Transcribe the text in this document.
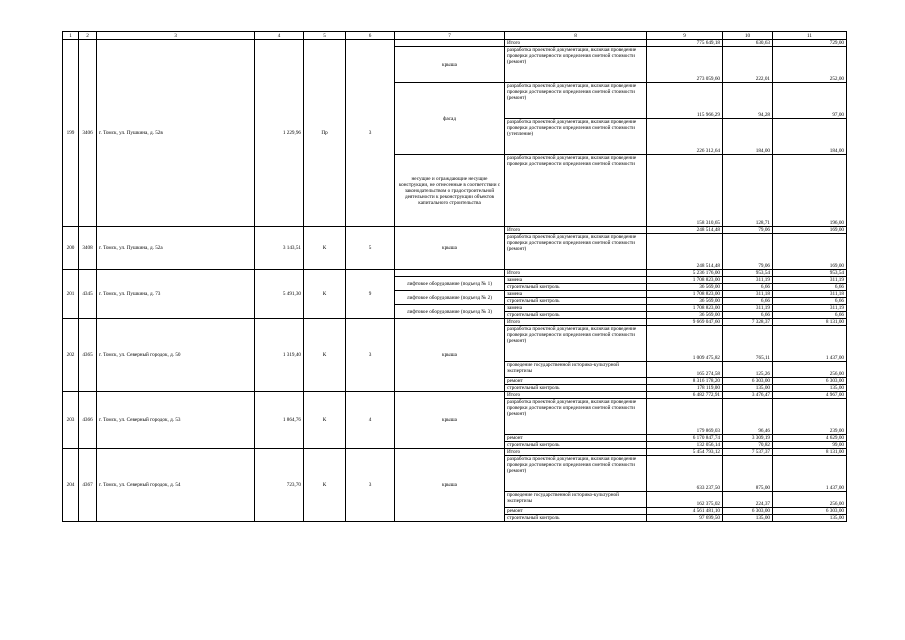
1	2	3	4	5	6	7	8	9	10	11
199	3406	г. Томск, ул. Пушкина, д. 52в	1 229,96	Пр	3		Итого	775 649,18	630,63	729,00
						крыша	разработка проектной документации, включая проведение проверки достоверности определения сметной стоимости (ремонт)	273 059,60	222,01	252,00
						фасад	разработка проектной документации, включая проведение проверки достоверности определения сметной стоимости (ремонт)	115 966,29	94,28	97,00
							разработка проектной документации, включая проведение проверки достоверности определения сметной стоимости (утепление)	226 312,64	184,00	184,00
						несущие и ограждающие несущие конструкции, не отнесенные в соответствии с законодательством о градостроительной деятельности к реконструкции объектов капитального строительства	разработка проектной документации, включая проведение проверки достоверности определения сметной стоимости	158 310,65	128,71	196,00

200	3408	г. Томск, ул. Пушкина, д. 52а	3 143,51	К	5	крыша	Итого	248 514,48	79,06	169,00
							разработка проектной документации, включая проведение проверки достоверности определения сметной стоимости (ремонт)	248 514,48	79,06	169,00
201	4345	г. Томск, ул. Пушкина, д. 73	5 491,30	К	9		Итого	5 236 176,00	953,54	953,54
						лифтовое оборудование (подъезд № 1)	замена	1 708 823,00	311,19	311,19
							строительный контроль	36 569,00	6,66	6,66
						лифтовое оборудование (подъезд № 2)	замена	1 708 823,00	311,18	311,18
							строительный контроль	36 569,00	6,66	6,66
						лифтовое оборудование (подъезд № 3)	замена	1 708 823,00	311,19	311,19
							строительный контроль	36 569,00	6,66	6,66
202	4365	г. Томск, ул. Северный городок, д. 50	1 319,40	К	3	крыша	Итого	9 669 047,60	7 328,37	8 131,00
							разработка проектной документации, включая проведение проверки достоверности определения сметной стоимости (ремонт)	1 009 475,82	765,11	1 437,00
							проведение государственной историко-культурной экспертизы	165 274,58	125,26	256,00
							ремонт	8 316 178,20	6 303,00	6 303,00
							строительный контроль	178 119,00	135,00	135,00
203	4366	г. Томск, ул. Северный городок, д. 53	1 864,76	К	4	крыша	Итого	6 482 772,91	3 476,47	4 967,00
							разработка проектной документации, включая проведение проверки достоверности определения сметной стоимости (ремонт)	179 869,03	96,46	239,00
							ремонт	6 170 847,74	3 309,19	4 629,00
							строительный контроль	132 056,14	70,82	99,00
204	4367	г. Томск, ул. Северный городок, д. 54	723,70	К	3	крыша	Итого	5 454 793,12	7 537,37	8 131,00
							разработка проектной документации, включая проведение проверки достоверности определения сметной стоимости (ремонт)	633 237,50	875,00	1 437,00
							проведение государственной историко-культурной экспертизы	162 375,02	224,37	256,00
							ремонт	4 561 481,10	6 303,00	6 303,00
							строительный контроль	97 699,50	135,00	135,00
